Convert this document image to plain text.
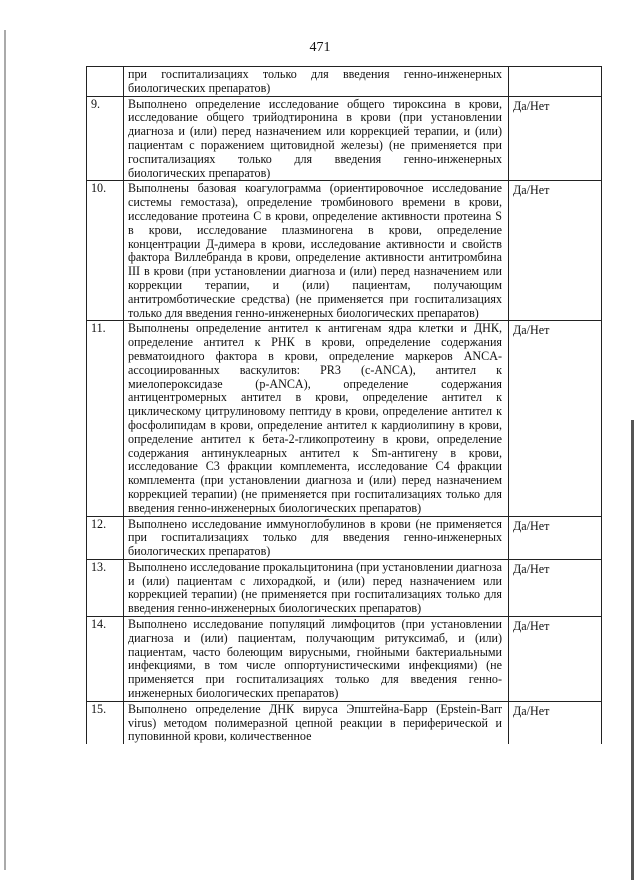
471
	при госпитализациях только для введения генно-инженерных биологических препаратов)	
9.	Выполнено определение исследование общего тироксина в крови, исследование общего трийодтиронина в крови (при установлении диагноза и (или) перед назначением или коррекцией терапии, и (или) пациентам с поражением щитовидной железы) (не применяется при госпитализациях только для введения генно-инженерных биологических препаратов)	Да/Нет
10.	Выполнены базовая коагулограмма (ориентировочное исследование системы гемостаза), определение тромбинового времени в крови, исследование протеина С в крови, определение активности протеина S в крови, исследование плазминогена в крови, определение концентрации Д-димера в крови, исследование активности и свойств фактора Виллебранда в крови, определение активности антитромбина III в крови (при установлении диагноза и (или) перед назначением или коррекции терапии, и (или) пациентам, получающим антитромботические средства) (не применяется при госпитализациях только для введения генно-инженерных биологических препаратов)	Да/Нет
11.	Выполнены определение антител к антигенам ядра клетки и ДНК, определение антител к РНК в крови, определение содержания ревматоидного фактора в крови, определение маркеров ANCA-ассоциированных васкулитов: PR3 (c-ANCA), антител к миелопероксидазе (p-ANCA), определение содержания антицентромерных антител в крови, определение антител к циклическому цитрулиновому пептиду в крови, определение антител к фосфолипидам в крови, определение антител к кардиолипину в крови, определение антител к бета-2-гликопротеину в крови, определение содержания антинуклеарных антител к Sm-антигену в крови, исследование С3 фракции комплемента, исследование С4 фракции комплемента (при установлении диагноза и (или) перед назначением коррекцией терапии) (не применяется при госпитализациях только для введения генно-инженерных биологических препаратов)	Да/Нет
12.	Выполнено исследование иммуноглобулинов в крови (не применяется при госпитализациях только для введения генно-инженерных биологических препаратов)	Да/Нет
13.	Выполнено исследование прокальцитонина (при установлении диагноза и (или) пациентам с лихорадкой, и (или) перед назначением или коррекцией терапии) (не применяется при госпитализациях только для введения генно-инженерных биологических препаратов)	Да/Нет
14.	Выполнено исследование популяций лимфоцитов (при установлении диагноза и (или) пациентам, получающим ритуксимаб, и (или) пациентам, часто болеющим вирусными, гнойными бактериальными инфекциями, в том числе оппортунистическими инфекциями) (не применяется при госпитализациях только для введения генно-инженерных биологических препаратов)	Да/Нет
15.	Выполнено определение ДНК вируса Эпштейна-Барр (Epstein-Barr virus) методом полимеразной цепной реакции в периферической и пуповинной крови, количественное	Да/Нет
